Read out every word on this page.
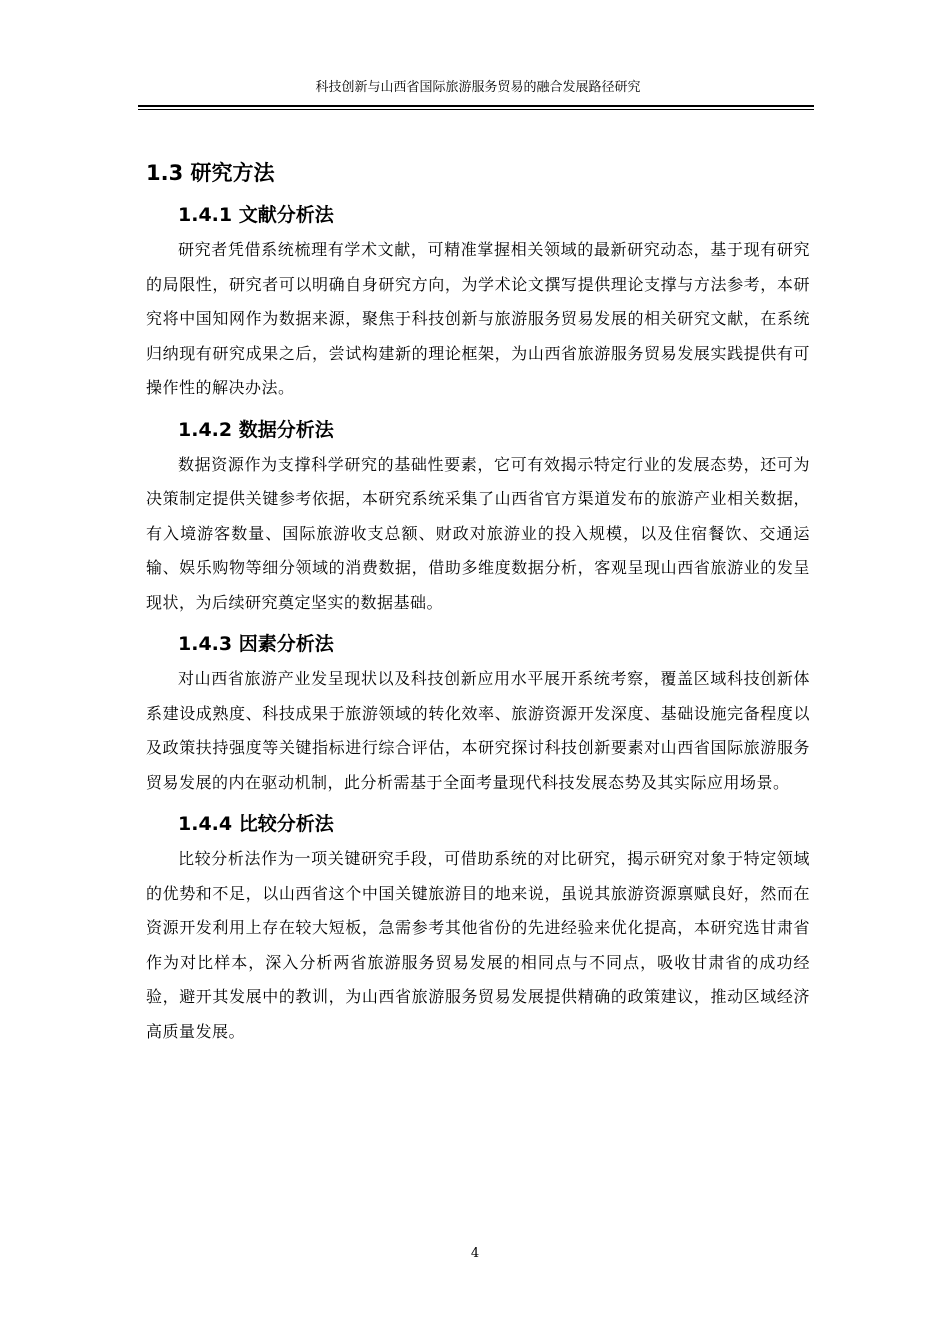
科技创新与山西省国际旅游服务贸易的融合发展路径研究
1.3 研究方法
1.4.1 文献分析法

研究者凭借系统梳理有学术文献，可精准掌握相关领域的最新研究动态，基于现有研究的局限性，研究者可以明确自身研究方向，为学术论文撰写提供理论支撑与方法参考，本研究将中国知网作为数据来源，聚焦于科技创新与旅游服务贸易发展的相关研究文献，在系统归纳现有研究成果之后，尝试构建新的理论框架，为山西省旅游服务贸易发展实践提供有可操作性的解决办法。

1.4.2 数据分析法

数据资源作为支撑科学研究的基础性要素，它可有效揭示特定行业的发展态势，还可为决策制定提供关键参考依据，本研究系统采集了山西省官方渠道发布的旅游产业相关数据，有入境游客数量、国际旅游收支总额、财政对旅游业的投入规模，以及住宿餐饮、交通运输、娱乐购物等细分领域的消费数据，借助多维度数据分析，客观呈现山西省旅游业的发呈现状，为后续研究奠定坚实的数据基础。

1.4.3 因素分析法

对山西省旅游产业发呈现状以及科技创新应用水平展开系统考察，覆盖区域科技创新体系建设成熟度、科技成果于旅游领域的转化效率、旅游资源开发深度、基础设施完备程度以及政策扶持强度等关键指标进行综合评估，本研究探讨科技创新要素对山西省国际旅游服务贸易发展的内在驱动机制，此分析需基于全面考量现代科技发展态势及其实际应用场景。

1.4.4 比较分析法

比较分析法作为一项关键研究手段，可借助系统的对比研究，揭示研究对象于特定领域的优势和不足，以山西省这个中国关键旅游目的地来说，虽说其旅游资源禀赋良好，然而在资源开发利用上存在较大短板，急需参考其他省份的先进经验来优化提高，本研究选甘肃省作为对比样本，深入分析两省旅游服务贸易发展的相同点与不同点，吸收甘肃省的成功经验，避开其发展中的教训，为山西省旅游服务贸易发展提供精确的政策建议，推动区域经济高质量发展。

4
